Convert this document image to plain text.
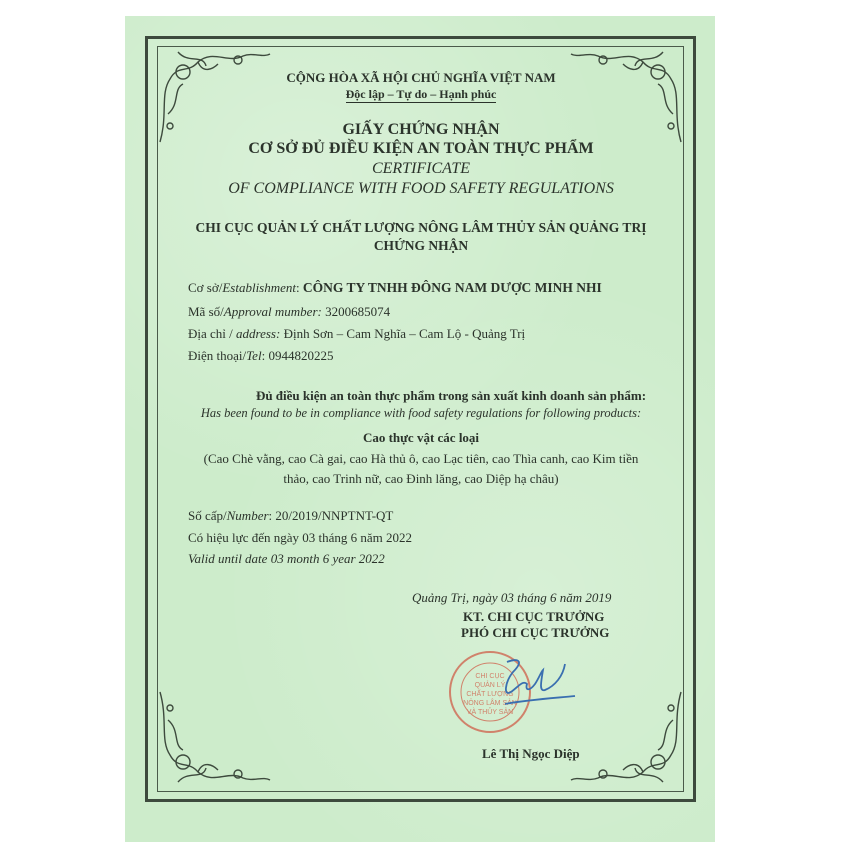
CỘNG HÒA XÃ HỘI CHỦ NGHĨA VIỆT NAM
Độc lập – Tự do – Hạnh phúc
GIẤY CHỨNG NHẬN
CƠ SỞ ĐỦ ĐIỀU KIỆN AN TOÀN THỰC PHẨM
CERTIFICATE
OF COMPLIANCE WITH FOOD SAFETY REGULATIONS
CHI CỤC QUẢN LÝ CHẤT LƯỢNG NÔNG LÂM THỦY SẢN QUẢNG TRỊ
CHỨNG NHẬN
Cơ sở/Establishment: CÔNG TY TNHH ĐÔNG NAM DƯỢC MINH NHI
Mã số/Approval mumber: 3200685074
Địa chỉ / address: Định Sơn – Cam Nghĩa – Cam Lộ - Quảng Trị
Điện thoại/Tel: 0944820225
Đủ điều kiện an toàn thực phẩm trong sản xuất kinh doanh sản phẩm:
Has been found to be in compliance with food safety regulations for following products:
Cao thực vật các loại
(Cao Chè vằng, cao Cà gai, cao Hà thủ ô, cao Lạc tiên, cao Thìa canh, cao Kim tiền
thảo, cao Trinh nữ, cao Đinh lăng, cao Diệp hạ châu)
Số cấp/Number: 20/2019/NNPTNT-QT
Có hiệu lực đến ngày 03 tháng 6 năm 2022
Valid until date 03 month 6 year 2022
Quảng Trị, ngày 03 tháng 6 năm 2019
KT. CHI CỤC TRƯỞNG
PHÓ CHI CỤC TRƯỞNG
CHI CỤC
QUẢN LÝ
CHẤT LƯỢNG
NÔNG LÂM SẢN
VÀ THỦY SẢN
Lê Thị Ngọc Diệp
